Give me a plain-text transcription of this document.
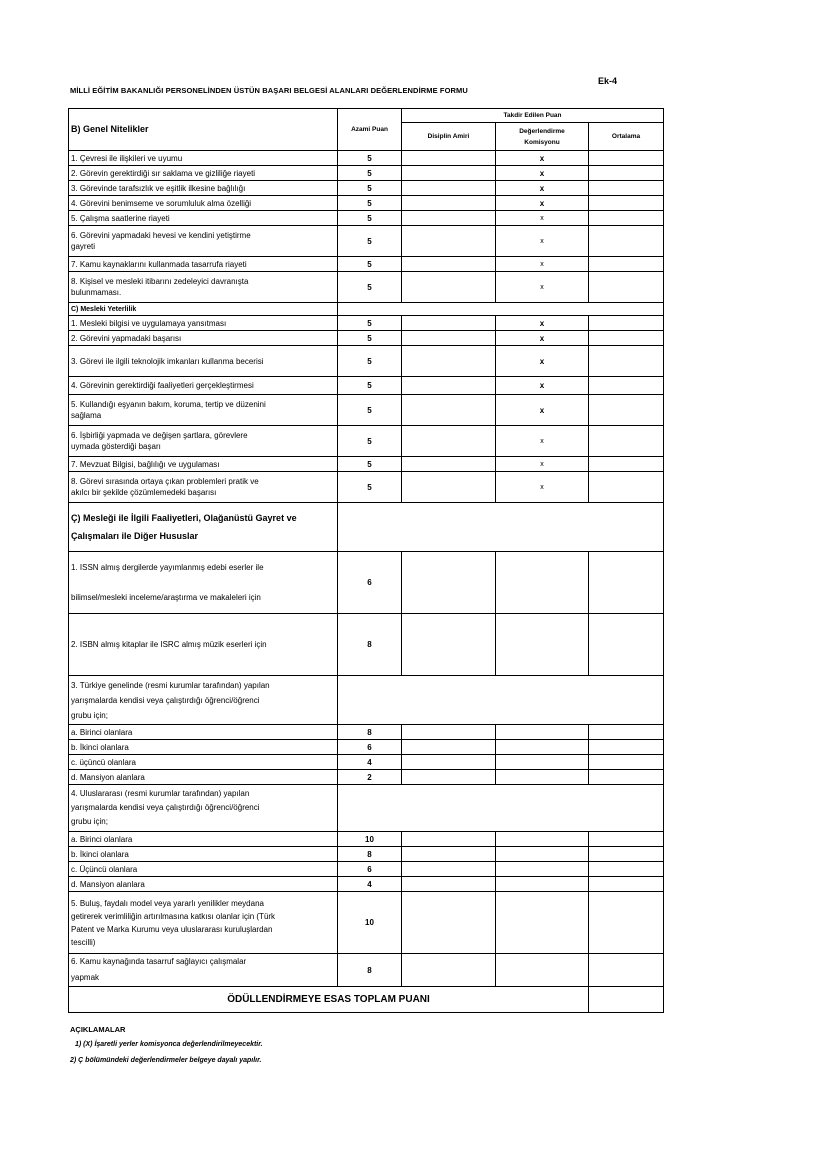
Ek-4
MİLLİ EĞİTİM BAKANLIĞI PERSONELİNDEN ÜSTÜN BAŞARI BELGESİ ALANLARI DEĞERLENDİRME FORMU
B) Genel Nitelikler	Azami Puan	Takdir Edilen Puan		
		Disiplin Amiri	Değerlendirme
Komisyonu	Ortalama
1. Çevresi ile ilişkileri ve uyumu	5		x	
2. Görevin gerektirdiği sır saklama ve gizliliğe riayeti	5		x	
3. Görevinde tarafsızlık ve eşitlik ilkesine bağlılığı	5		x	
4. Görevini benimseme ve sorumluluk alma özelliği	5		x	
5. Çalışma saatlerine riayeti	5		x	
6. Görevini yapmadaki hevesi ve kendini yetiştirme
gayreti	5		x	
7. Kamu kaynaklarını kullanmada tasarrufa riayeti	5		x	
8. Kişisel ve mesleki itibarını zedeleyici davranışta
bulunmaması.	5		x	
C) Mesleki Yeterlilik				
1. Mesleki bilgisi ve uygulamaya yansıtması	5		x	
2. Görevini yapmadaki başarısı	5		x	
3. Görevi ile ilgili teknolojik imkanları kullanma becerisi	5		x	
4. Görevinin gerektirdiği faaliyetleri gerçekleştirmesi	5		x	
5. Kullandığı eşyanın bakım, koruma, tertip ve düzenini
sağlama	5		x	
6. İşbirliği yapmada ve değişen şartlara, görevlere
uymada gösterdiği başarı	5		x	
7. Mevzuat Bilgisi, bağlılığı ve uygulaması	5		x	
8. Görevi sırasında ortaya çıkan problemleri pratik ve
akılcı bir şekilde çözümlemedeki başarısı	5		x	
Ç) Mesleği ile İlgili Faaliyetleri, Olağanüstü Gayret ve
Çalışmaları ile Diğer Hususlar				
1. ISSN almış dergilerde yayımlanmış edebi eserler ile
bilimsel/mesleki inceleme/araştırma ve makaleleri için	6			
2. ISBN almış kitaplar ile ISRC almış müzik eserleri için	8			
3. Türkiye genelinde (resmi kurumlar tarafından) yapılan
yarışmalarda kendisi veya çalıştırdığı öğrenci/öğrenci
grubu için;				
a. Birinci olanlara	8			
b. İkinci olanlara	6			
c. üçüncü olanlara	4			
d. Mansiyon alanlara	2			
4. Uluslararası (resmi kurumlar tarafından) yapılan
yarışmalarda kendisi veya çalıştırdığı öğrenci/öğrenci
grubu için;				
a. Birinci olanlara	10			
b. İkinci olanlara	8			
c. Üçüncü olanlara	6			
d. Mansiyon alanlara	4			
5. Buluş, faydalı model veya yararlı yenilikler meydana
getirerek verimliliğin artırılmasına katkısı olanlar için (Türk
Patent ve Marka Kurumu veya uluslararası kuruluşlardan
tescilli)	10			
6. Kamu kaynağında tasarruf sağlayıcı çalışmalar
yapmak	8			
ÖDÜLLENDİRMEYE ESAS TOPLAM PUANI				
AÇIKLAMALAR
1) (X) İşaretli yerler komisyonca değerlendirilmeyecektir.
2) Ç bölümündeki değerlendirmeler belgeye dayalı yapılır.
